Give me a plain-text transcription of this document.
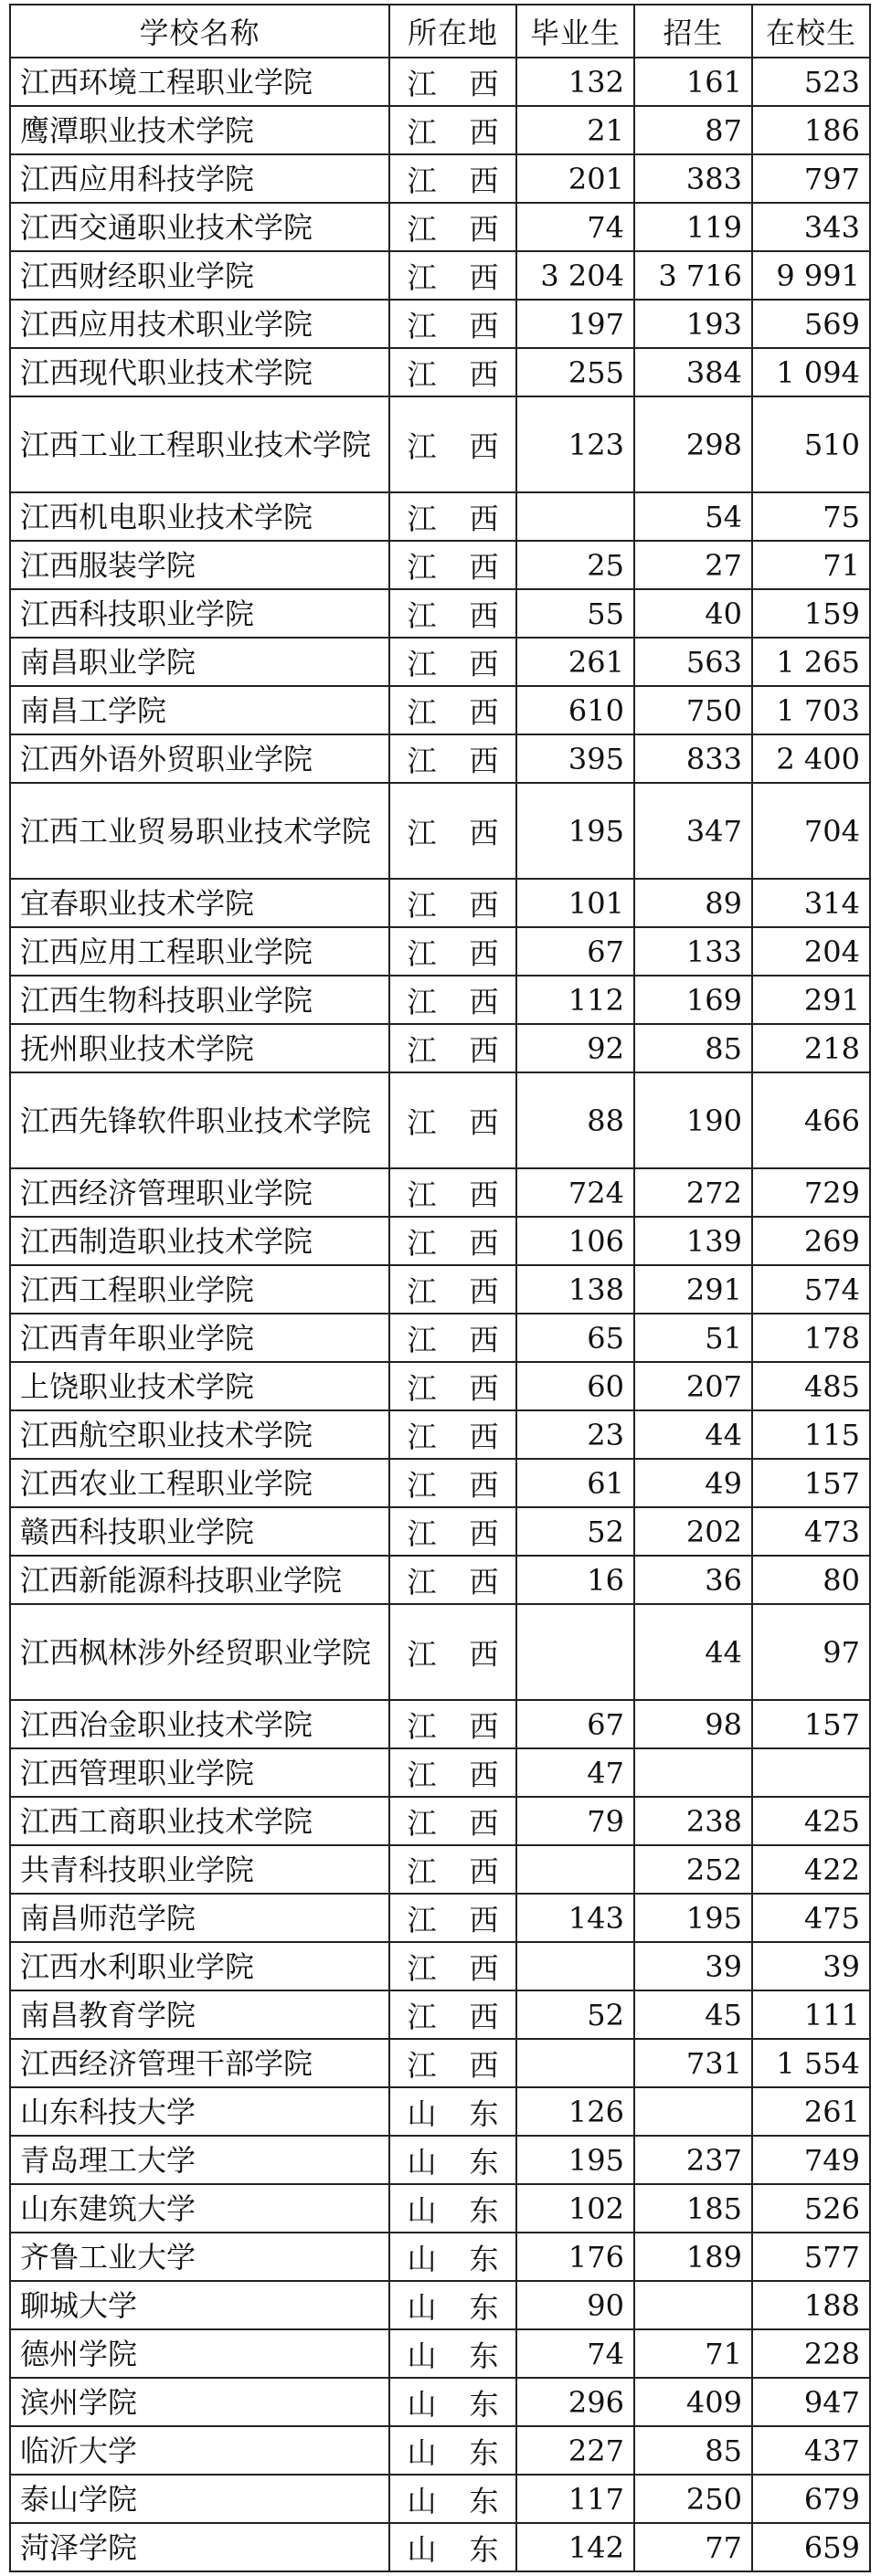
学校名称	所在地	毕业生	招生	在校生
江西环境工程职业学院	江 西	132	161	523
鹰潭职业技术学院	江 西	21	87	186
江西应用科技学院	江 西	201	383	797
江西交通职业技术学院	江 西	74	119	343
江西财经职业学院	江 西	3 204	3 716	9 991
江西应用技术职业学院	江 西	197	193	569
江西现代职业技术学院	江 西	255	384	1 094
江西工业工程职业技术学院	江 西	123	298	510
江西机电职业技术学院	江 西		54	75
江西服装学院	江 西	25	27	71
江西科技职业学院	江 西	55	40	159
南昌职业学院	江 西	261	563	1 265
南昌工学院	江 西	610	750	1 703
江西外语外贸职业学院	江 西	395	833	2 400
江西工业贸易职业技术学院	江 西	195	347	704
宜春职业技术学院	江 西	101	89	314
江西应用工程职业学院	江 西	67	133	204
江西生物科技职业学院	江 西	112	169	291
抚州职业技术学院	江 西	92	85	218
江西先锋软件职业技术学院	江 西	88	190	466
江西经济管理职业学院	江 西	724	272	729
江西制造职业技术学院	江 西	106	139	269
江西工程职业学院	江 西	138	291	574
江西青年职业学院	江 西	65	51	178
上饶职业技术学院	江 西	60	207	485
江西航空职业技术学院	江 西	23	44	115
江西农业工程职业学院	江 西	61	49	157
赣西科技职业学院	江 西	52	202	473
江西新能源科技职业学院	江 西	16	36	80
江西枫林涉外经贸职业学院	江 西		44	97
江西冶金职业技术学院	江 西	67	98	157
江西管理职业学院	江 西	47		
江西工商职业技术学院	江 西	79	238	425
共青科技职业学院	江 西		252	422
南昌师范学院	江 西	143	195	475
江西水利职业学院	江 西		39	39
南昌教育学院	江 西	52	45	111
江西经济管理干部学院	江 西		731	1 554
山东科技大学	山 东	126		261
青岛理工大学	山 东	195	237	749
山东建筑大学	山 东	102	185	526
齐鲁工业大学	山 东	176	189	577
聊城大学	山 东	90		188
德州学院	山 东	74	71	228
滨州学院	山 东	296	409	947
临沂大学	山 东	227	85	437
泰山学院	山 东	117	250	679
菏泽学院	山 东	142	77	659
